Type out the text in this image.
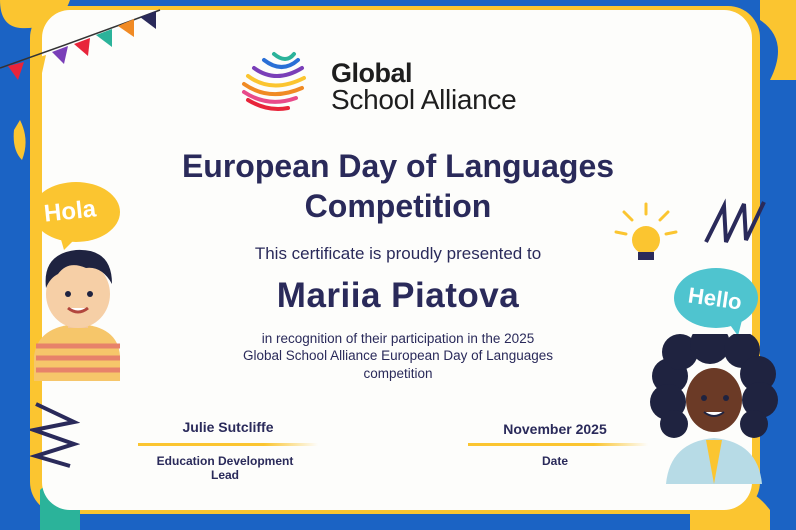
Global
School Alliance
European Day of Languages
Competition
This certificate is proudly presented to
Mariia Piatova
in recognition of their participation in the 2025
Global School Alliance European Day of Languages
competition
Julie Sutcliffe
Education Development
Lead
November 2025
Date
Hola
Hello
